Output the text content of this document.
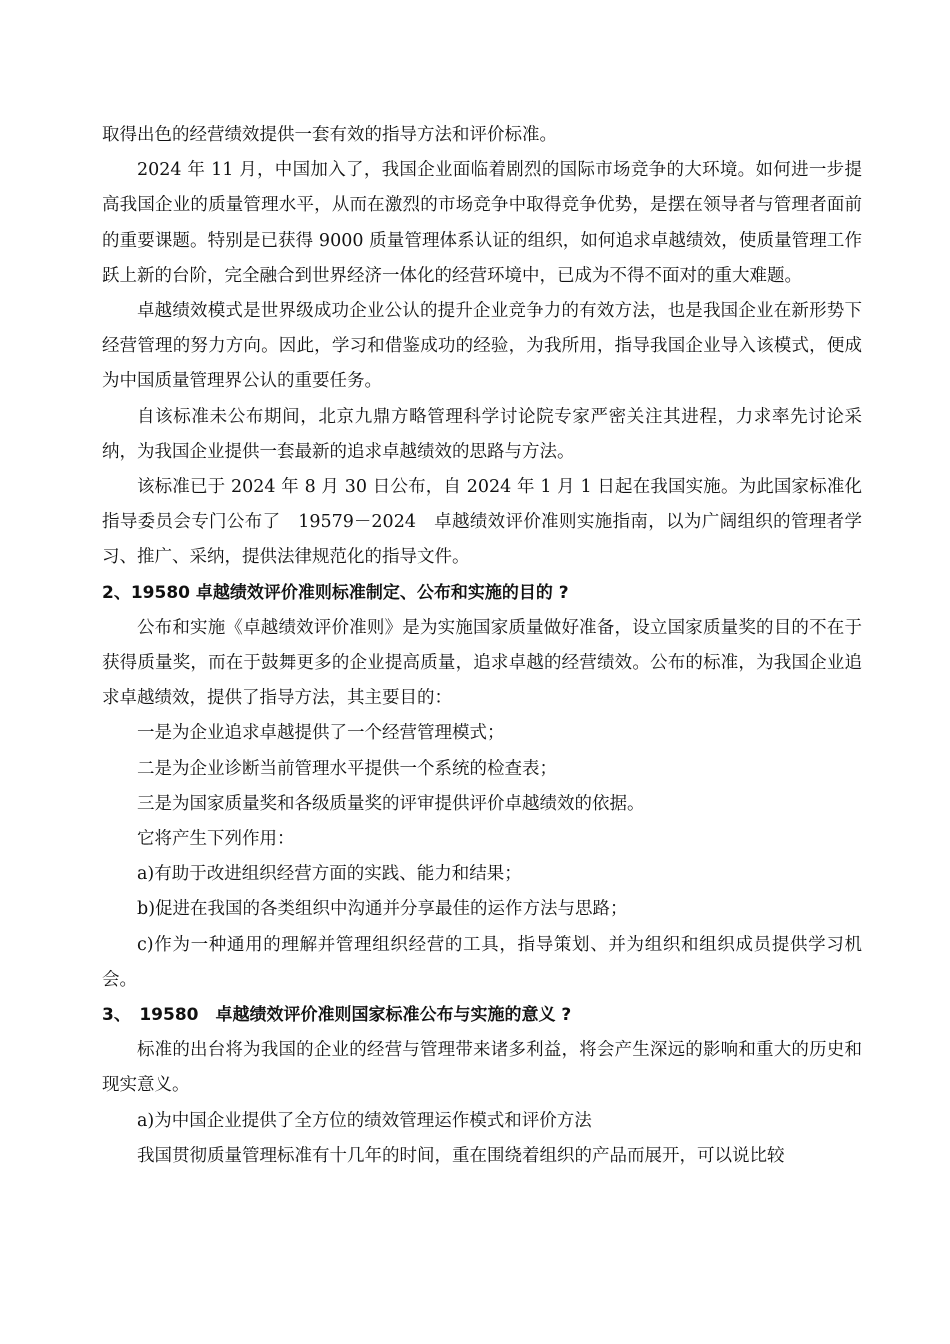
取得出色的经营绩效提供一套有效的指导方法和评价标准。

2024 年 11 月，中国加入了，我国企业面临着剧烈的国际市场竞争的大环境。如何进一步提高我国企业的质量管理水平，从而在激烈的市场竞争中取得竞争优势，是摆在领导者与管理者面前的重要课题。特别是已获得 9000 质量管理体系认证的组织，如何追求卓越绩效，使质量管理工作跃上新的台阶，完全融合到世界经济一体化的经营环境中，已成为不得不面对的重大难题。

卓越绩效模式是世界级成功企业公认的提升企业竞争力的有效方法，也是我国企业在新形势下经营管理的努力方向。因此，学习和借鉴成功的经验，为我所用，指导我国企业导入该模式，便成为中国质量管理界公认的重要任务。

自该标准未公布期间，北京九鼎方略管理科学讨论院专家严密关注其进程，力求率先讨论采纳，为我国企业提供一套最新的追求卓越绩效的思路与方法。

该标准已于 2024 年 8 月 30 日公布，自 2024 年 1 月 1 日起在我国实施。为此国家标准化指导委员会专门公布了　19579－2024　卓越绩效评价准则实施指南，以为广阔组织的管理者学习、推广、采纳，提供法律规范化的指导文件。

2、19580 卓越绩效评价准则标准制定、公布和实施的目的 ?

公布和实施《卓越绩效评价准则》是为实施国家质量做好准备，设立国家质量奖的目的不在于获得质量奖，而在于鼓舞更多的企业提高质量，追求卓越的经营绩效。公布的标准，为我国企业追求卓越绩效，提供了指导方法，其主要目的：

一是为企业追求卓越提供了一个经营管理模式；

二是为企业诊断当前管理水平提供一个系统的检查表；

三是为国家质量奖和各级质量奖的评审提供评价卓越绩效的依据。

它将产生下列作用：

a)有助于改进组织经营方面的实践、能力和结果；

b)促进在我国的各类组织中沟通并分享最佳的运作方法与思路；

c)作为一种通用的理解并管理组织经营的工具，指导策划、并为组织和组织成员提供学习机会。

3、　19580　卓越绩效评价准则国家标准公布与实施的意义 ?

标准的出台将为我国的企业的经营与管理带来诸多利益，将会产生深远的影响和重大的历史和现实意义。

a)为中国企业提供了全方位的绩效管理运作模式和评价方法

我国贯彻质量管理标准有十几年的时间，重在围绕着组织的产品而展开，可以说比较
